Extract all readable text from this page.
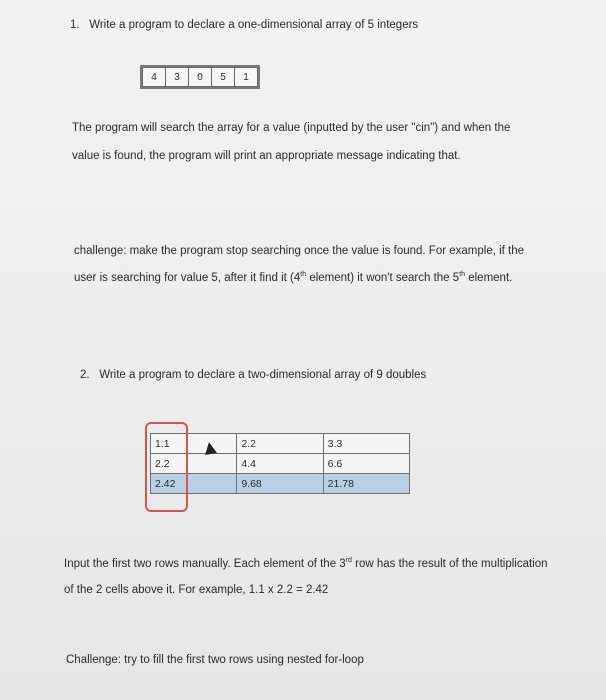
1. Write a program to declare a one-dimensional array of 5 integers
4	3	0	5	1
The program will search the array for a value (inputted by the user "cin") and when the
value is found, the program will print an appropriate message indicating that.
challenge: make the program stop searching once the value is found. For example, if the
user is searching for value 5, after it find it (4th element) it won't search the 5th element.
2. Write a program to declare a two-dimensional array of 9 doubles
1.1	2.2	3.3
2.2	4.4	6.6
2.42	9.68	21.78
Input the first two rows manually. Each element of the 3rd row has the result of the multiplication
of the 2 cells above it. For example, 1.1 x 2.2 = 2.42
Challenge: try to fill the first two rows using nested for-loop
